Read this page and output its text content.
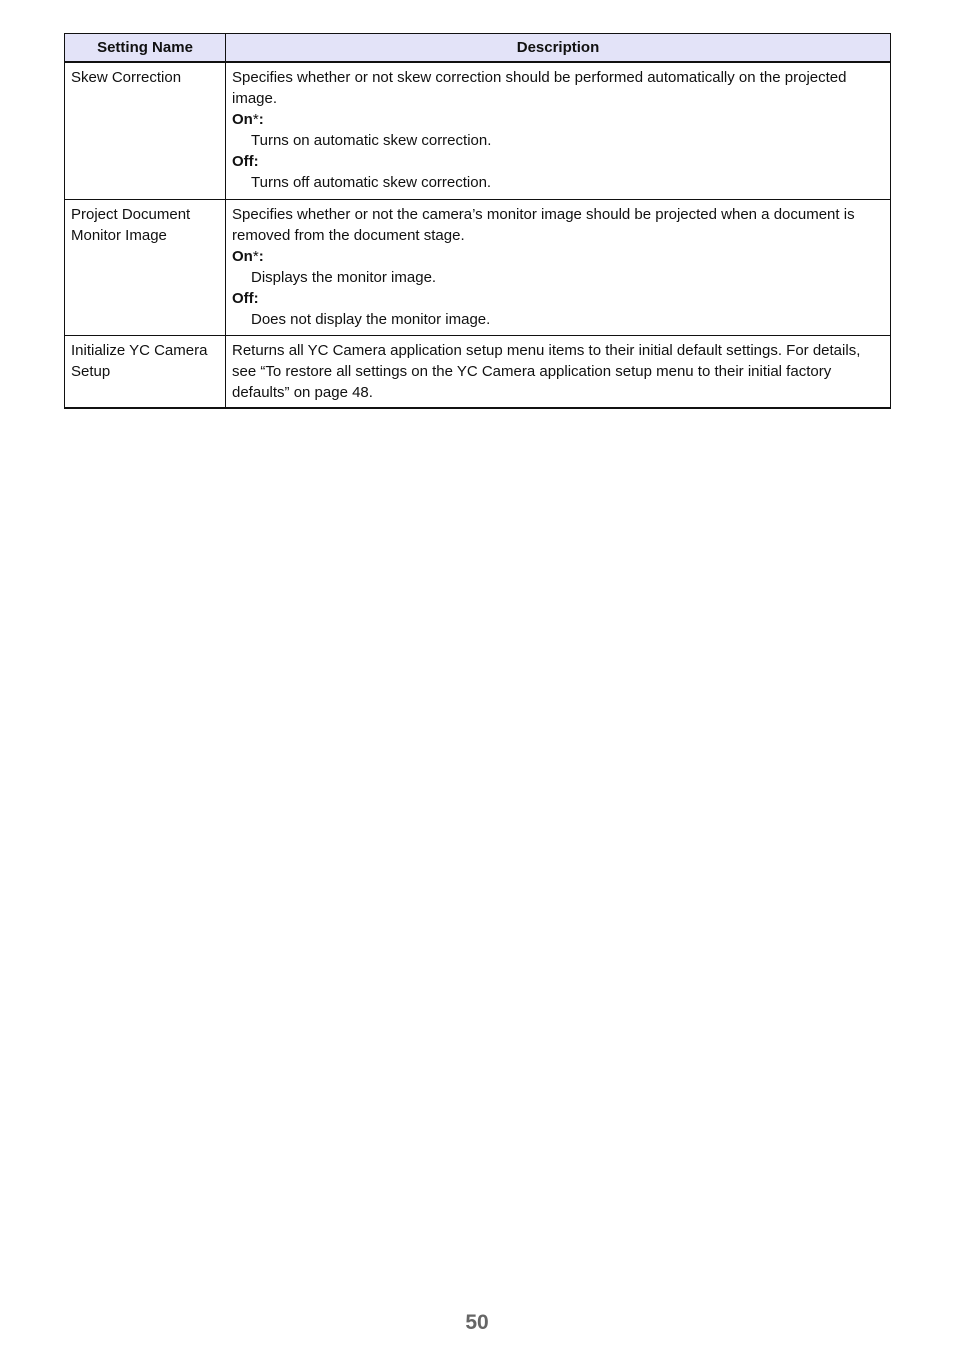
Setting Name	Description
Skew Correction	Specifies whether or not skew correction should be performed automatically on the projected image.
On*:
Turns on automatic skew correction.
Off:
Turns off automatic skew correction.

Project Document Monitor Image	Specifies whether or not the camera’s monitor image should be projected when a document is removed from the document stage.
On*:
Displays the monitor image.
Off:
Does not display the monitor image.

Initialize YC Camera Setup	Returns all YC Camera application setup menu items to their initial default settings. For details, see “To restore all settings on the YC Camera application setup menu to their initial factory defaults” on page 48.
50
